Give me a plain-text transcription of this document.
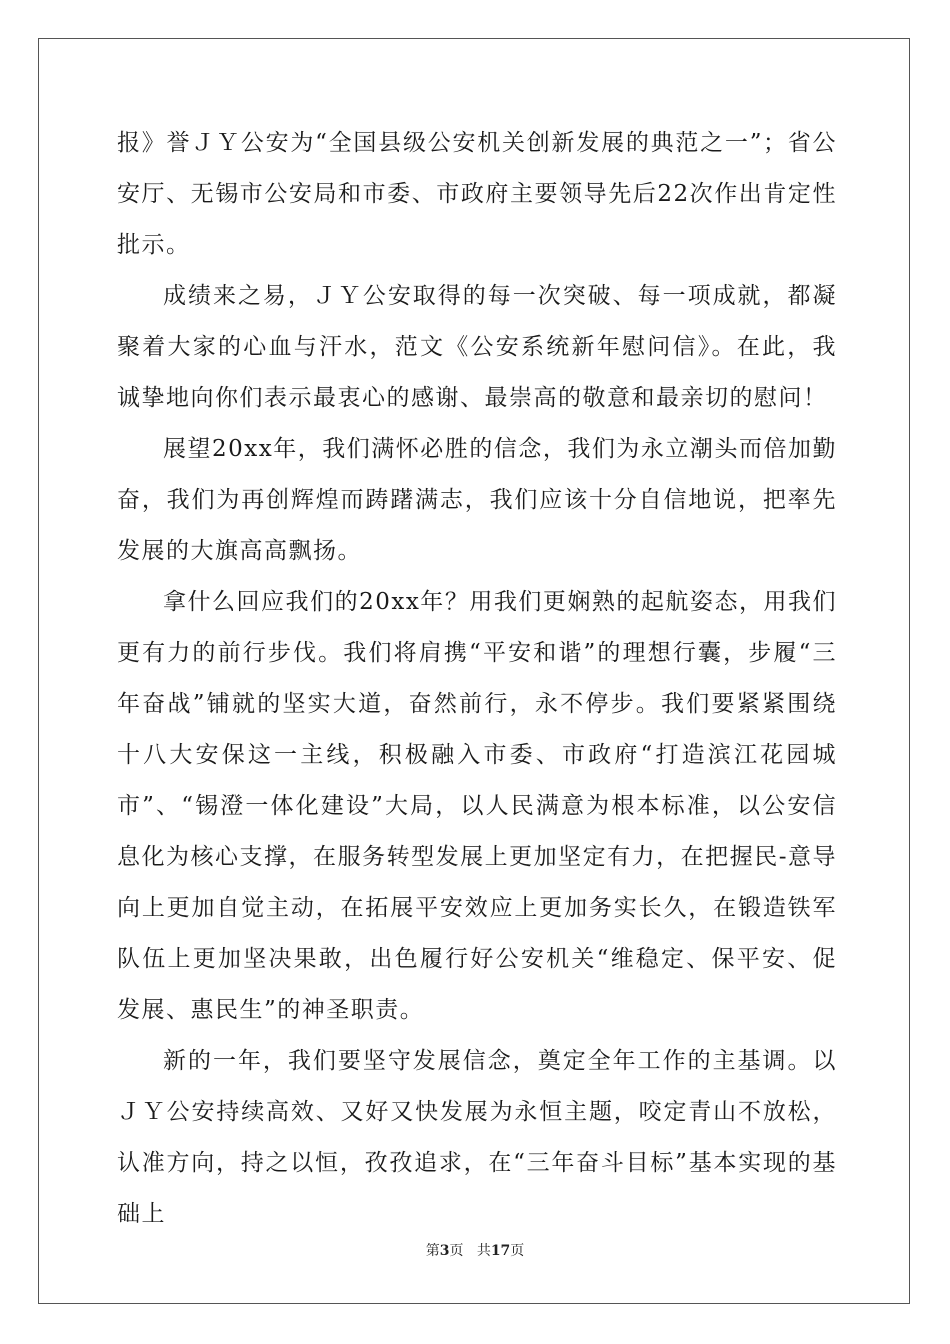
报》誉ＪＹ公安为“全国县级公安机关创新发展的典范之一”；省公安厅、无锡市公安局和市委、市政府主要领导先后22次作出肯定性批示。

成绩来之易，ＪＹ公安取得的每一次突破、每一项成就，都凝聚着大家的心血与汗水，范文《公安系统新年慰问信》。在此，我诚挚地向你们表示最衷心的感谢、最崇高的敬意和最亲切的慰问！

展望20xx年，我们满怀必胜的信念，我们为永立潮头而倍加勤奋，我们为再创辉煌而踌躇满志，我们应该十分自信地说，把率先发展的大旗高高飘扬。

拿什么回应我们的20xx年？用我们更娴熟的起航姿态，用我们更有力的前行步伐。我们将肩携“平安和谐”的理想行囊，步履“三年奋战”铺就的坚实大道，奋然前行，永不停步。我们要紧紧围绕十八大安保这一主线，积极融入市委、市政府“打造滨江花园城市”、“锡澄一体化建设”大局，以人民满意为根本标准，以公安信息化为核心支撑，在服务转型发展上更加坚定有力，在把握民-意导向上更加自觉主动，在拓展平安效应上更加务实长久，在锻造铁军队伍上更加坚决果敢，出色履行好公安机关“维稳定、保平安、促发展、惠民生”的神圣职责。

新的一年，我们要坚守发展信念，奠定全年工作的主基调。以ＪＹ公安持续高效、又好又快发展为永恒主题，咬定青山不放松，认准方向，持之以恒，孜孜追求，在“三年奋斗目标”基本实现的基础上

第3页 共17页
